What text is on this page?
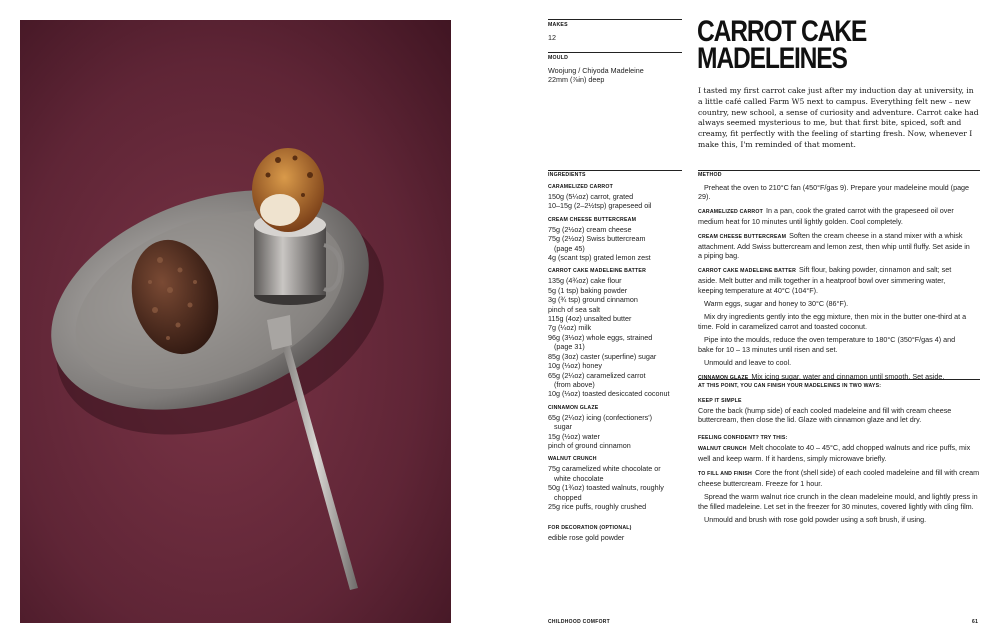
MAKES
12
MOULD
Woojung / Chiyoda Madeleine
22mm (⅞in) deep
CARROT CAKE
MADELEINES
I tasted my first carrot cake just after my induction day at university, in a little café called Farm W5 next to campus. Everything felt new – new country, new school, a sense of curiosity and adventure. Carrot cake had always seemed mysterious to me, but that first bite, spiced, soft and creamy, fit perfectly with the feeling of starting fresh. Now, whenever I make this, I'm reminded of that moment.
INGREDIENTS
CARAMELIZED CARROT
150g (5¼oz) carrot, grated
10–15g (2–2½tsp) grapeseed oil
CREAM CHEESE BUTTERCREAM
75g (2½oz) cream cheese
75g (2½oz) Swiss buttercream
(page 45)
4g (scant tsp) grated lemon zest
CARROT CAKE MADELEINE BATTER
135g (4¾oz) cake flour
5g (1 tsp) baking powder
3g (¾ tsp) ground cinnamon
pinch of sea salt
115g (4oz) unsalted butter
7g (¼oz) milk
96g (3⅓oz) whole eggs, strained
(page 31)
85g (3oz) caster (superfine) sugar
10g (⅓oz) honey
65g (2¼oz) caramelized carrot
(from above)
10g (⅓oz) toasted desiccated coconut
CINNAMON GLAZE
65g (2¼oz) icing (confectioners')
sugar
15g (½oz) water
pinch of ground cinnamon
WALNUT CRUNCH
75g caramelized white chocolate or
white chocolate
50g (1¾oz) toasted walnuts, roughly
chopped
25g rice puffs, roughly crushed
FOR DECORATION (OPTIONAL)
edible rose gold powder
METHOD

Preheat the oven to 210°C fan (450°F/gas 9). Prepare your madeleine mould (page 29).

CARAMELIZED CARROT In a pan, cook the grated carrot with the grapeseed oil over medium heat for 10 minutes until lightly golden. Cool completely.

CREAM CHEESE BUTTERCREAM Soften the cream cheese in a stand mixer with a whisk attachment. Add Swiss buttercream and lemon zest, then whip until fluffy. Set aside in a piping bag.

CARROT CAKE MADELEINE BATTER Sift flour, baking powder, cinnamon and salt; set aside. Melt butter and milk together in a heatproof bowl over simmering water, keeping temperature at 40°C (104°F).

Warm eggs, sugar and honey to 30°C (86°F).

Mix dry ingredients gently into the egg mixture, then mix in the butter one-third at a time. Fold in caramelized carrot and toasted coconut.

Pipe into the moulds, reduce the oven temperature to 180°C (350°F/gas 4) and bake for 10 – 13 minutes until risen and set.

Unmould and leave to cool.

CINNAMON GLAZE Mix icing sugar, water and cinnamon until smooth. Set aside.

AT THIS POINT, YOU CAN FINISH YOUR MADELEINES IN TWO WAYS:
KEEP IT SIMPLE

Core the back (hump side) of each cooled madeleine and fill with cream cheese buttercream, then close the lid. Glaze with cinnamon glaze and let dry.

FEELING CONFIDENT? TRY THIS:

WALNUT CRUNCH Melt chocolate to 40 – 45°C, add chopped walnuts and rice puffs, mix well and keep warm. If it hardens, simply microwave briefly.

TO FILL AND FINISH Core the front (shell side) of each cooled madeleine and fill with cream cheese buttercream. Freeze for 1 hour.

Spread the warm walnut rice crunch in the clean madeleine mould, and lightly press in the filled madeleine. Let set in the freezer for 30 minutes, covered lightly with cling film.

Unmould and brush with rose gold powder using a soft brush, if using.

CHILDHOOD COMFORT	61
